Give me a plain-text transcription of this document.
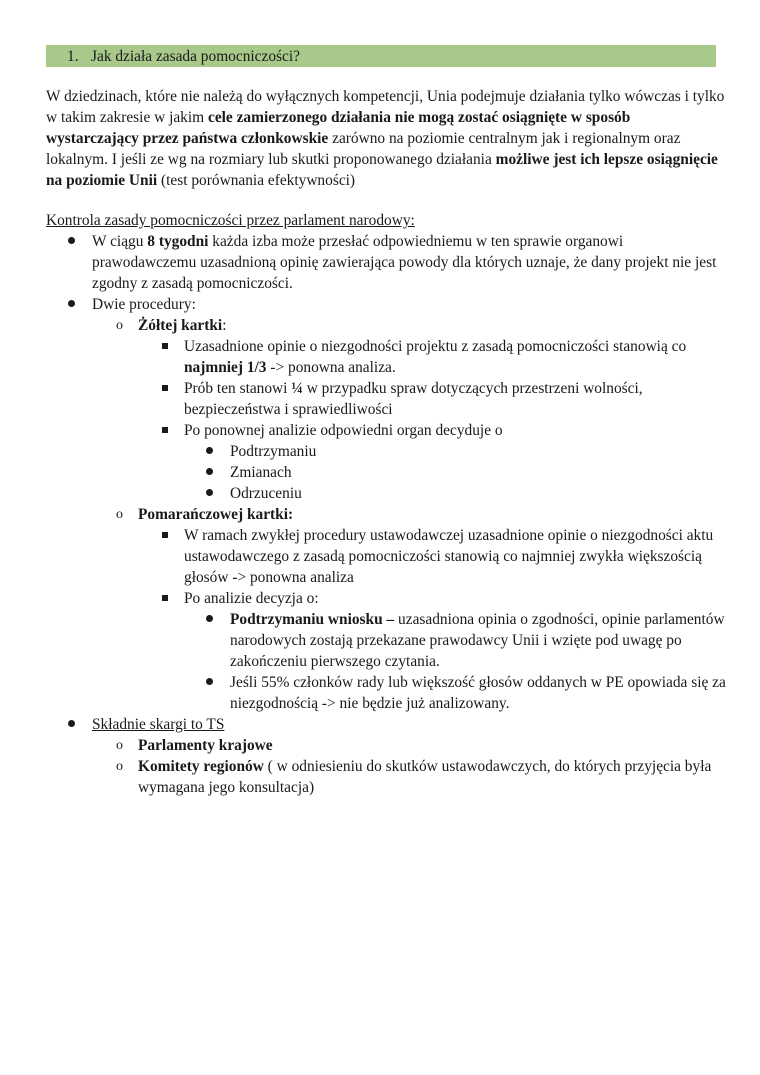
1. Jak działa zasada pomocniczości?

W dziedzinach, które nie należą do wyłącznych kompetencji, Unia podejmuje działania tylko wówczas i tylko w takim zakresie w jakim cele zamierzonego działania nie mogą zostać osiągnięte w sposób wystarczający przez państwa członkowskie zarówno na poziomie centralnym jak i regionalnym oraz lokalnym. I jeśli ze wg na rozmiary lub skutki proponowanego działania możliwe jest ich lepsze osiągnięcie na poziomie Unii (test porównania efektywności)

Kontrola zasady pomocniczości przez parlament narodowy:

W ciągu 8 tygodni każda izba może przesłać odpowiedniemu w ten sprawie organowi prawodawczemu uzasadnioną opinię zawierająca powody dla których uznaje, że dany projekt nie jest zgodny z zasadą pomocniczości.
Dwie procedury:
o Żółtej kartki:
Uzasadnione opinie o niezgodności projektu z zasadą pomocniczości stanowią co najmniej 1/3 -> ponowna analiza.
Prób ten stanowi ¼ w przypadku spraw dotyczących przestrzeni wolności, bezpieczeństwa i sprawiedliwości
Po ponownej analizie odpowiedni organ decyduje o
Podtrzymaniu
Zmianach
Odrzuceniu
o Pomarańczowej kartki:
W ramach zwykłej procedury ustawodawczej uzasadnione opinie o niezgodności aktu ustawodawczego z zasadą pomocniczości stanowią co najmniej zwykła większością głosów -> ponowna analiza
Po analizie decyzja o:
Podtrzymaniu wniosku – uzasadniona opinia o zgodności, opinie parlamentów narodowych zostają przekazane prawodawcy Unii i wzięte pod uwagę po zakończeniu pierwszego czytania.
Jeśli 55% członków rady lub większość głosów oddanych w PE opowiada się za niezgodnością -> nie będzie już analizowany.
Składnie skargi to TS
o Parlamenty krajowe
o Komitety regionów ( w odniesieniu do skutków ustawodawczych, do których przyjęcia była wymagana jego konsultacja)
